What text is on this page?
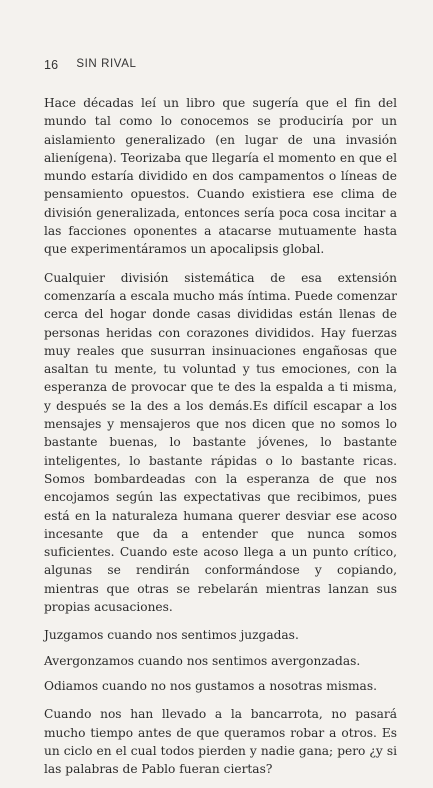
16 SIN RIVAL

Hace décadas leí un libro que sugería que el fin del mundo tal como lo conocemos se produciría por un aislamiento generalizado (en lugar de una invasión alienígena). Teorizaba que llegaría el momento en que el mundo estaría dividido en dos campamentos o líneas de pensamiento opuestos. Cuando existiera ese clima de división generalizada, entonces sería poca cosa incitar a las facciones oponentes a atacarse mutuamente hasta que experimentáramos un apocalipsis global.

Cualquier división sistemática de esa extensión comenzaría a escala mucho más íntima. Puede comenzar cerca del hogar donde casas divididas están llenas de personas heridas con corazones divididos. Hay fuerzas muy reales que susurran insinuaciones engañosas que asaltan tu mente, tu voluntad y tus emociones, con la esperanza de provocar que te des la espalda a ti misma, y después se la des a los demás.Es difícil escapar a los mensajes y mensajeros que nos dicen que no somos lo bastante buenas, lo bastante jóvenes, lo bastante inteligentes, lo bastante rápidas o lo bastante ricas. Somos bombardeadas con la esperanza de que nos encojamos según las expectativas que recibimos, pues está en la naturaleza humana querer desviar ese acoso incesante que da a entender que nunca somos suficientes. Cuando este acoso llega a un punto crítico, algunas se rendirán conformándose y copiando, mientras que otras se rebelarán mientras lanzan sus propias acusaciones.

Juzgamos cuando nos sentimos juzgadas.

Avergonzamos cuando nos sentimos avergonzadas.

Odiamos cuando no nos gustamos a nosotras mismas.

Cuando nos han llevado a la bancarrota, no pasará mucho tiempo antes de que queramos robar a otros. Es un ciclo en el cual todos pierden y nadie gana; pero ¿y si las palabras de Pablo fueran ciertas?
